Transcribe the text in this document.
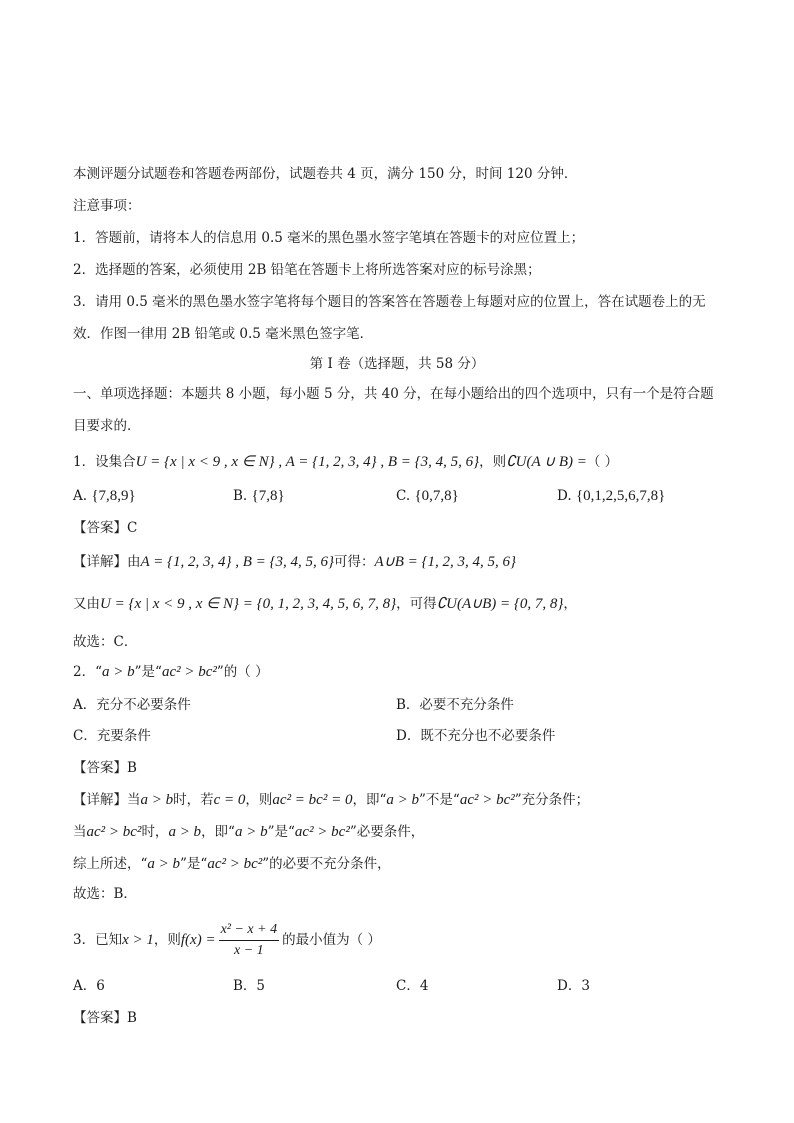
本测评题分试题卷和答题卷两部份，试题卷共 4 页，满分 150 分，时间 120 分钟．
注意事项：
1．答题前，请将本人的信息用 0.5 毫米的黑色墨水签字笔填在答题卡的对应位置上；
2．选择题的答案，必须使用 2B 铅笔在答题卡上将所选答案对应的标号涂黑；
3．请用 0.5 毫米的黑色墨水签字笔将每个题目的答案答在答题卷上每题对应的位置上，答在试题卷上的无
效．作图一律用 2B 铅笔或 0.5 毫米黑色签字笔．
第 I 卷（选择题，共 58 分）
一、单项选择题：本题共 8 小题，每小题 5 分，共 40 分，在每小题给出的四个选项中，只有一个是符合题
目要求的．
1．设集合U = {x | x < 9 , x ∈ N} , A = {1, 2, 3, 4} , B = {3, 4, 5, 6}，则∁U(A ∪ B) =（ ）
A. {7,8,9}	B. {7,8}	C. {0,7,8}	D. {0,1,2,5,6,7,8}
【答案】C
【详解】由A = {1, 2, 3, 4} , B = {3, 4, 5, 6}可得：A∪B = {1, 2, 3, 4, 5, 6}
又由U = {x | x < 9 , x ∈ N} = {0, 1, 2, 3, 4, 5, 6, 7, 8}，可得∁U(A∪B) = {0, 7, 8}，
故选：C．
2．“a > b”是“ac² > bc²”的（ ）
A．充分不必要条件	B．必要不充分条件
C．充要条件	D．既不充分也不必要条件
【答案】B
【详解】当a > b时，若c = 0，则ac² = bc² = 0，即“a > b”不是“ac² > bc²”充分条件；
当ac² > bc²时，a > b，即“a > b”是“ac² > bc²”必要条件，
综上所述，“a > b”是“ac² > bc²”的必要不充分条件，
故选：B．
3．已知x > 1，则$f(x) = \frac{\text{x² − x + 4}}{x - 1}$ 的最小值为（ ）
A．6	B．5	C．4	D．3
【答案】B
